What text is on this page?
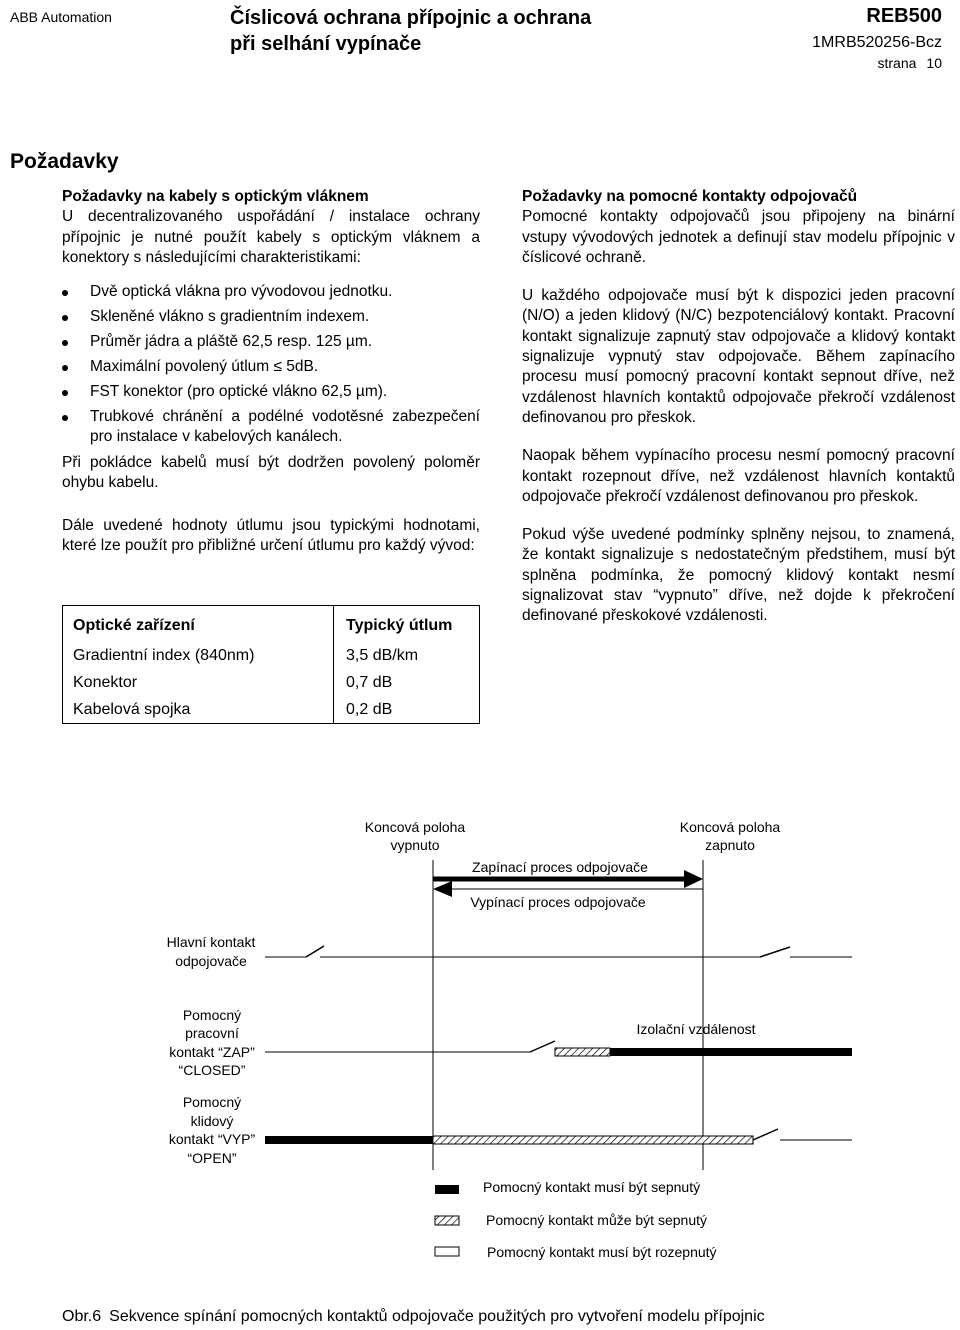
ABB Automation	Číslicová ochrana přípojnic a ochrana
při selhání vypínače
REB500
1MRB520256-Bcz
strana 10
Požadavky

Požadavky na kabely s optickým vláknem

U decentralizovaného uspořádání / instalace ochrany přípojnic je nutné použít kabely s optickým vláknem a konektory s následujícími charakteristikami:

Dvě optická vlákna pro vývodovou jednotku.
Skleněné vlákno s gradientním indexem.
Průměr jádra a pláště 62,5 resp. 125 µm.
Maximální povolený útlum ≤ 5dB.
FST konektor (pro optické vlákno 62,5 µm).
Trubkové chránění a podélné vodotěsné zabezpečení pro instalace v kabelových kanálech.

Při pokládce kabelů musí být dodržen povolený poloměr ohybu kabelu.

Dále uvedené hodnoty útlumu jsou typickými hodnotami, které lze použít pro přibližné určení útlumu pro každý vývod:

Optické zařízení	Typický útlum
Gradientní index (840nm)	3,5 dB/km
Konektor	0,7 dB
Kabelová spojka	0,2 dB

Požadavky na pomocné kontakty odpojovačů

Pomocné kontakty odpojovačů jsou připojeny na binární vstupy vývodových jednotek a definují stav modelu přípojnic v číslicové ochraně.

U každého odpojovače musí být k dispozici jeden pracovní (N/O) a jeden klidový (N/C) bezpotenciálový kontakt. Pracovní kontakt signalizuje zapnutý stav odpojovače a klidový kontakt signalizuje vypnutý stav odpojovače. Během zapínacího procesu musí pomocný pracovní kontakt sepnout dříve, než vzdálenost hlavních kontaktů odpojovače překročí vzdálenost definovanou pro přeskok.

Naopak během vypínacího procesu nesmí pomocný pracovní kontakt rozepnout dříve, než vzdálenost hlavních kontaktů odpojovače překročí vzdálenost definovanou pro přeskok.

Pokud výše uvedené podmínky splněny nejsou, to znamená, že kontakt signalizuje s nedostatečným předstihem, musí být splněna podmínka, že pomocný klidový kontakt nesmí signalizovat stav “vypnuto” dříve, než dojde k překročení definované přeskokové vzdálenosti.

Koncová poloha
vypnuto
Koncová poloha
zapnuto
Zapínací proces odpojovače
Vypínací proces odpojovače
Hlavní kontakt
odpojovače
Pomocný
pracovní
kontakt “ZAP”
“CLOSED”
Pomocný
klidový
kontakt “VYP”
“OPEN”
Izolační vzdálenost
Pomocný kontakt musí být sepnutý
Pomocný kontakt může být sepnutý
Pomocný kontakt musí být rozepnutý
Obr.6 Sekvence spínání pomocných kontaktů odpojovače použitých pro vytvoření modelu přípojnic
